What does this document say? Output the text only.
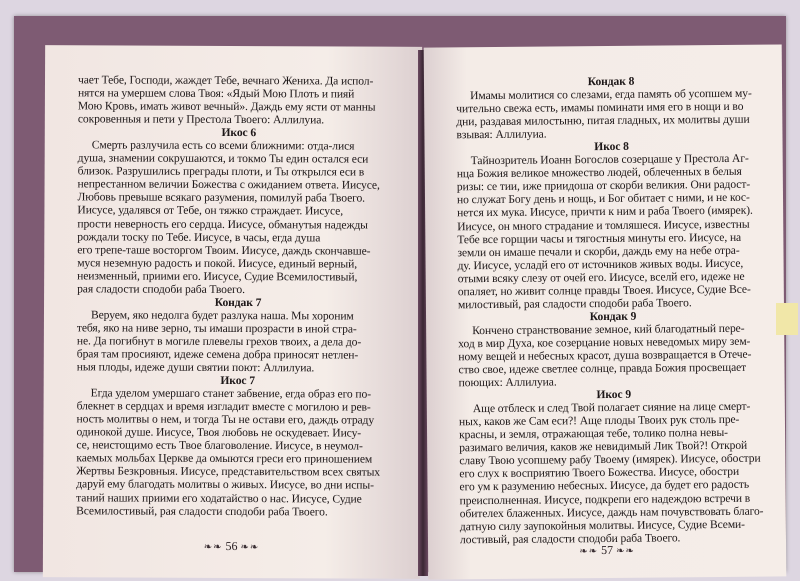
чает Тебе, Господи, жаждет Тебе, вечнаго Жениха. Да испол-
нятся на умершем слова Твоя: «Ядый Мою Плоть и пияй
Мою Кровь, имать живот вечный». Даждь ему ясти от манны
сокровенныя и пети у Престола Твоего: Аллилуиа.
Икос 6
Смерть разлучила есть со всеми ближними: отда-лися
душа, знамении сокрушаются, и токмо Ты един остался еси
близок. Разрушились преграды плоти, и Ты открылся еси в
непрестанном величии Божества с ожиданием ответа. Иисусе,
Любовь превыше всякаго разумения, помилуй раба Твоего.
Иисусе, удалявся от Тебе, он тяжко страждает. Иисусе,
прости неверность его сердца. Иисусе, обманутыя надежды
рождали тоску по Тебе. Иисусе, в часы, егда душа
его трепе-таше восторгом Твоим. Иисусе, даждь скончавше-
муся неземную радость и покой. Иисусе, единый верный,
неизменный, приими его. Иисусе, Судие Всемилостивый,
рая сладости сподоби раба Твоего.
Кондак 7
Веруем, яко недолга будет разлука наша. Мы хороним
тебя, яко на ниве зерно, ты имаши прозрасти в иной стра-
не. Да погибнут в могиле плевелы грехов твоих, а дела до-
брая там просияют, идеже семена добра приносят нетлен-
ныя плоды, идеже души святии поют: Аллилуиа.
Икос 7
Егда уделом умершаго станет забвение, егда образ его по-
блекнет в сердцах и время изгладит вместе с могилою и рев-
ность молитвы о нем, и тогда Ты не остави его, даждь отраду
одинокой душе. Иисусе, Твоя любовь не оскудевает. Иису-
се, неистощимо есть Твое благоволение. Иисусе, в неумол-
каемых мольбах Церкве да омыются греси его приношением
Жертвы Безкровныя. Иисусе, представительством всех святых
даруй ему благодать молитвы о живых. Иисусе, во дни испы-
таний наших приими его ходатайство о нас. Иисусе, Судие
Всемилостивый, рая сладости сподоби раба Твоего.
❧❧ 56 ❧❧
Кондак 8
Имамы молитися со слезами, егда память об усопшем му-
чительно свежа есть, имамы поминати имя его в нощи и во
дни, раздавая милостыню, питая гладных, их молитвы души
взывая: Аллилуиа.
Икос 8
Тайнозритель Иоанн Богослов созерцаше у Престола Аг-
нца Божия великое множество людей, облеченных в белыя
ризы: се тии, иже приидоша от скорби великия. Они радост-
но служат Богу день и нощь, и Бог обитает с ними, и не кос-
нется их мука. Иисусе, причти к ним и раба Твоего (имярек).
Иисусе, он много страдание и томляшеся. Иисусе, известны
Тебе все горщии часы и тягостныя минуты его. Иисусе, на
земли он имаше печали и скорби, даждь ему на небе отра-
ду. Иисусе, усладй его от источников живых воды. Иисусе,
отыми всяку слезу от очей его. Иисусе, вселй его, идеже не
опаляет, но живит солнце правды Твоея. Иисусе, Судие Все-
милостивый, рая сладости сподоби раба Твоего.
Кондак 9
Кончено странствование земное, кий благодатный пере-
ход в мир Духа, кое созерцание новых неведомых миру зем-
ному вещей и небесных красот, душа возвращается в Отече-
ство свое, идеже светлее солнце, правда Божия просвещает
поющих: Аллилуиа.
Икос 9
Аще отблеск и след Твой полагает сияние на лице смерт-
ных, каков же Сам еси?! Аще плоды Твоих рук столь пре-
красны, и земля, отражающая тебе, толико полна невы-
разимаго величия, каков же невидимый Лик Твой?! Открой
славу Твою усопшему рабу Твоему (имярек). Иисусе, обостри
его слух к восприятию Твоего Божества. Иисусе, обостри
его ум к разумению небесных. Иисусе, да будет его радость
преисполненная. Иисусе, подкрепи его надеждою встречи в
обителех блаженных. Иисусе, даждь нам почувствовать благо-
датную силу заупокойныя молитвы. Иисусе, Судие Всеми-
лостивый, рая сладости сподоби раба Твоего.
❧❧ 57 ❧❧
